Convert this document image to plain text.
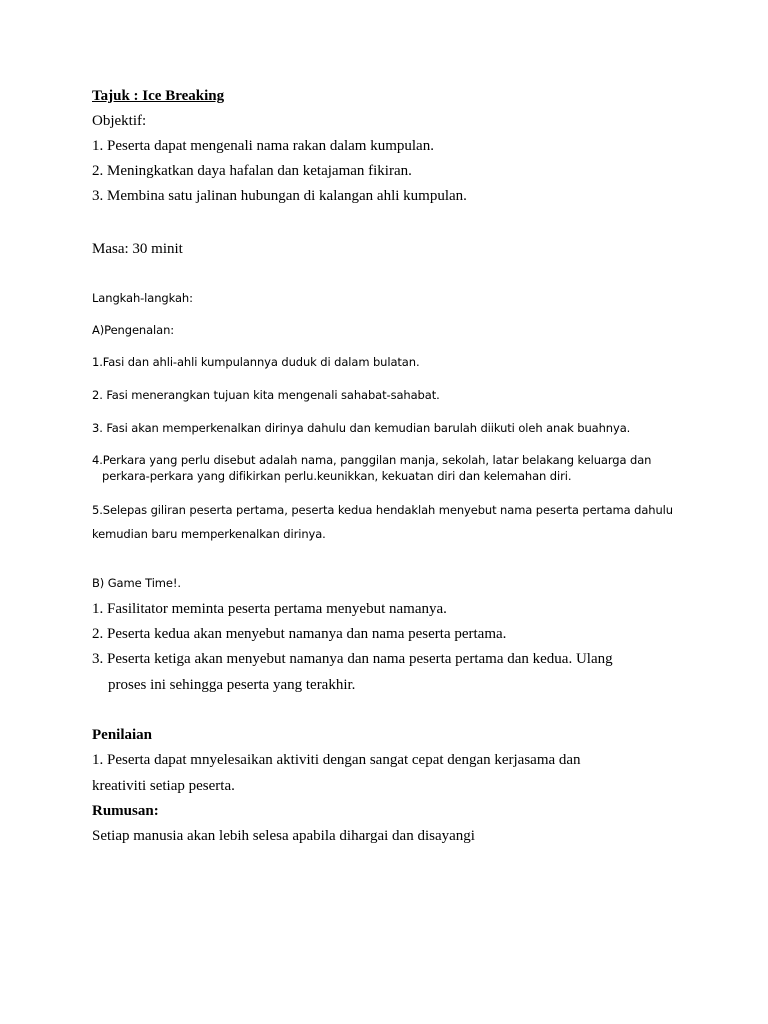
Tajuk : Ice Breaking
Objektif:
1. Peserta dapat mengenali nama rakan dalam kumpulan.
2. Meningkatkan daya hafalan dan ketajaman fikiran.
3. Membina satu jalinan hubungan di kalangan ahli kumpulan.
Masa: 30 minit
Langkah-langkah:
A)Pengenalan:
1.Fasi dan ahli-ahli kumpulannya duduk di dalam bulatan.
2. Fasi menerangkan tujuan kita mengenali sahabat-sahabat.
3. Fasi akan memperkenalkan dirinya dahulu dan kemudian barulah diikuti oleh anak buahnya.
4.Perkara yang perlu disebut adalah nama, panggilan manja, sekolah, latar belakang keluarga dan
perkara-perkara yang difikirkan perlu.keunikkan, kekuatan diri dan kelemahan diri.
5.Selepas giliran peserta pertama, peserta kedua hendaklah menyebut nama peserta pertama dahulu
kemudian baru memperkenalkan dirinya.
B) Game Time!.
1. Fasilitator meminta peserta pertama menyebut namanya.
2. Peserta kedua akan menyebut namanya dan nama peserta pertama.
3. Peserta ketiga akan menyebut namanya dan nama peserta pertama dan kedua. Ulang
proses ini sehingga peserta yang terakhir.
Penilaian
1. Peserta dapat mnyelesaikan aktiviti dengan sangat cepat dengan kerjasama dan
kreativiti setiap peserta.
Rumusan:
Setiap manusia akan lebih selesa apabila dihargai dan disayangi
